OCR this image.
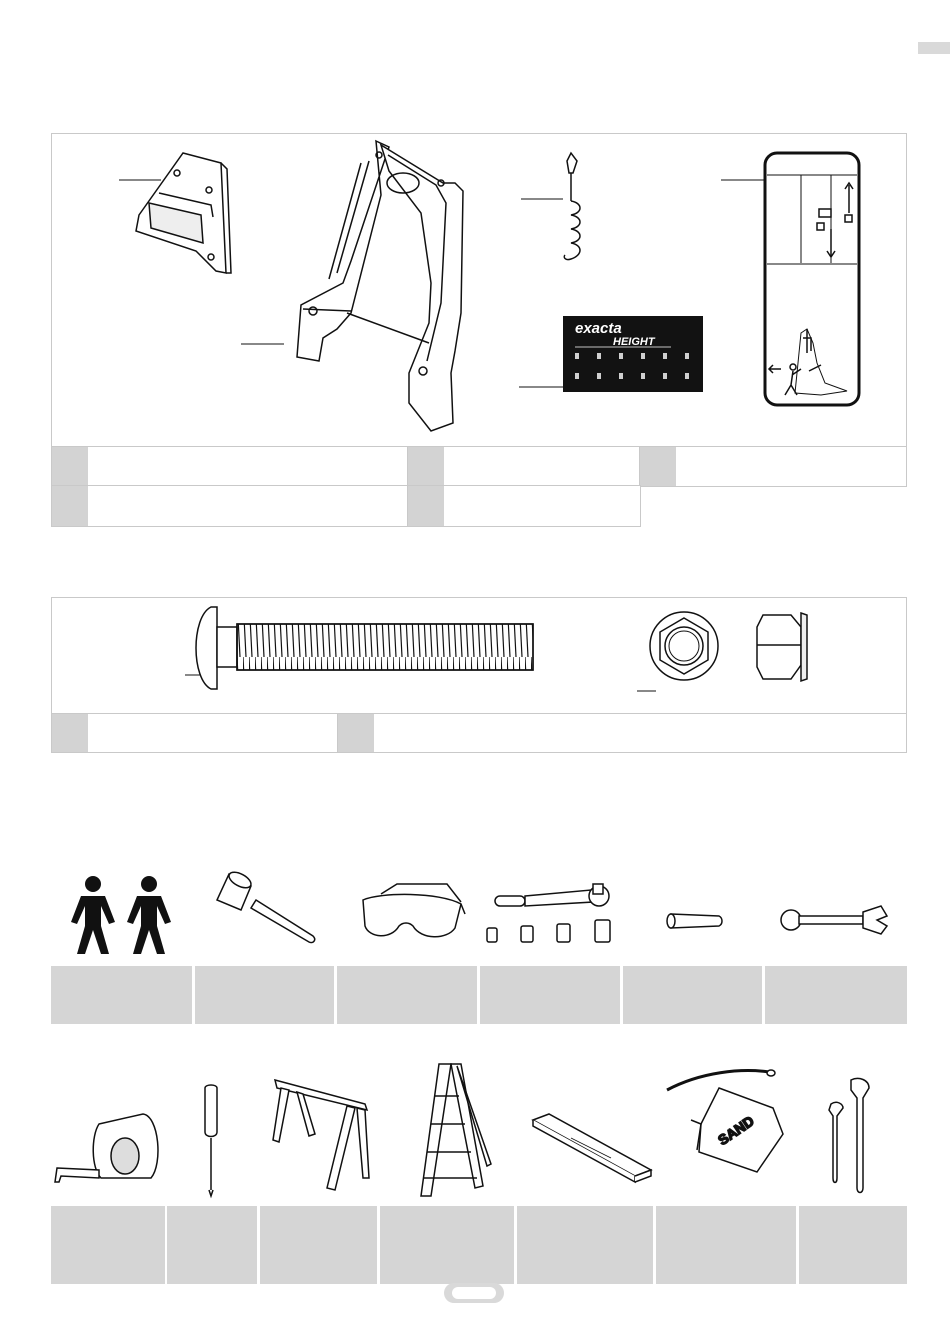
exacta
HEIGHT
SAND
